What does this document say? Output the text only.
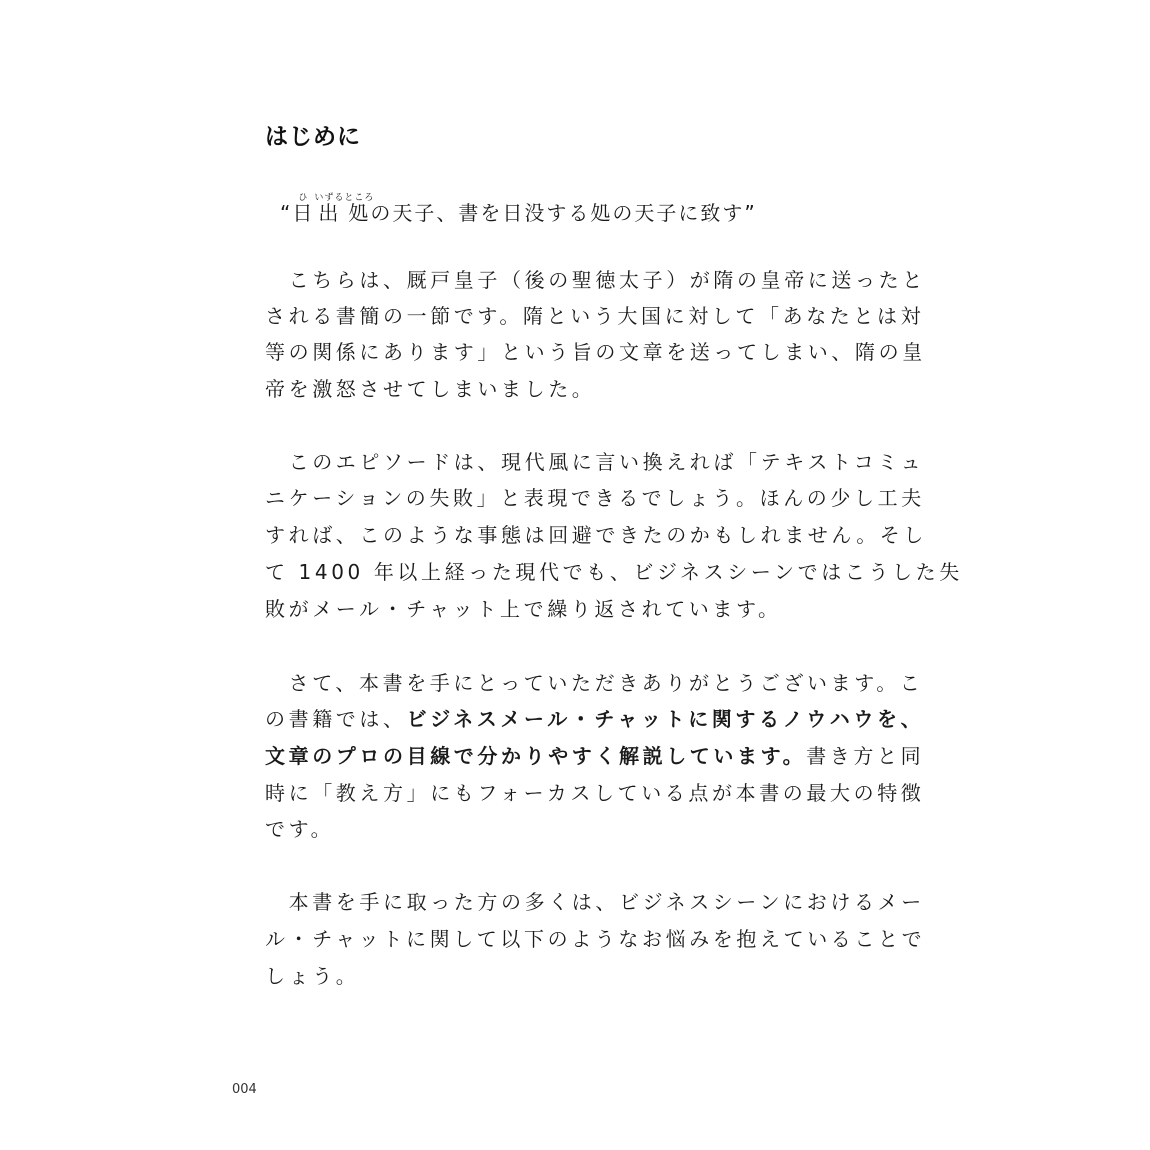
はじめに
“日ひ出いずる処ところの天子、書を日没する処の天子に致す”
　こちらは、厩戸皇子（後の聖徳太子）が隋の皇帝に送ったと
される書簡の一節です。隋という大国に対して「あなたとは対
等の関係にあります」という旨の文章を送ってしまい、隋の皇
帝を激怒させてしまいました。
　このエピソードは、現代風に言い換えれば「テキストコミュ
ニケーションの失敗」と表現できるでしょう。ほんの少し工夫
すれば、このような事態は回避できたのかもしれません。そし
て 1400 年以上経った現代でも、ビジネスシーンではこうした失
敗がメール・チャット上で繰り返されています。
　さて、本書を手にとっていただきありがとうございます。こ
の書籍では、ビジネスメール・チャットに関するノウハウを、
文章のプロの目線で分かりやすく解説しています。書き方と同
時に「教え方」にもフォーカスしている点が本書の最大の特徴
です。
　本書を手に取った方の多くは、ビジネスシーンにおけるメー
ル・チャットに関して以下のようなお悩みを抱えていることで
しょう。
004
